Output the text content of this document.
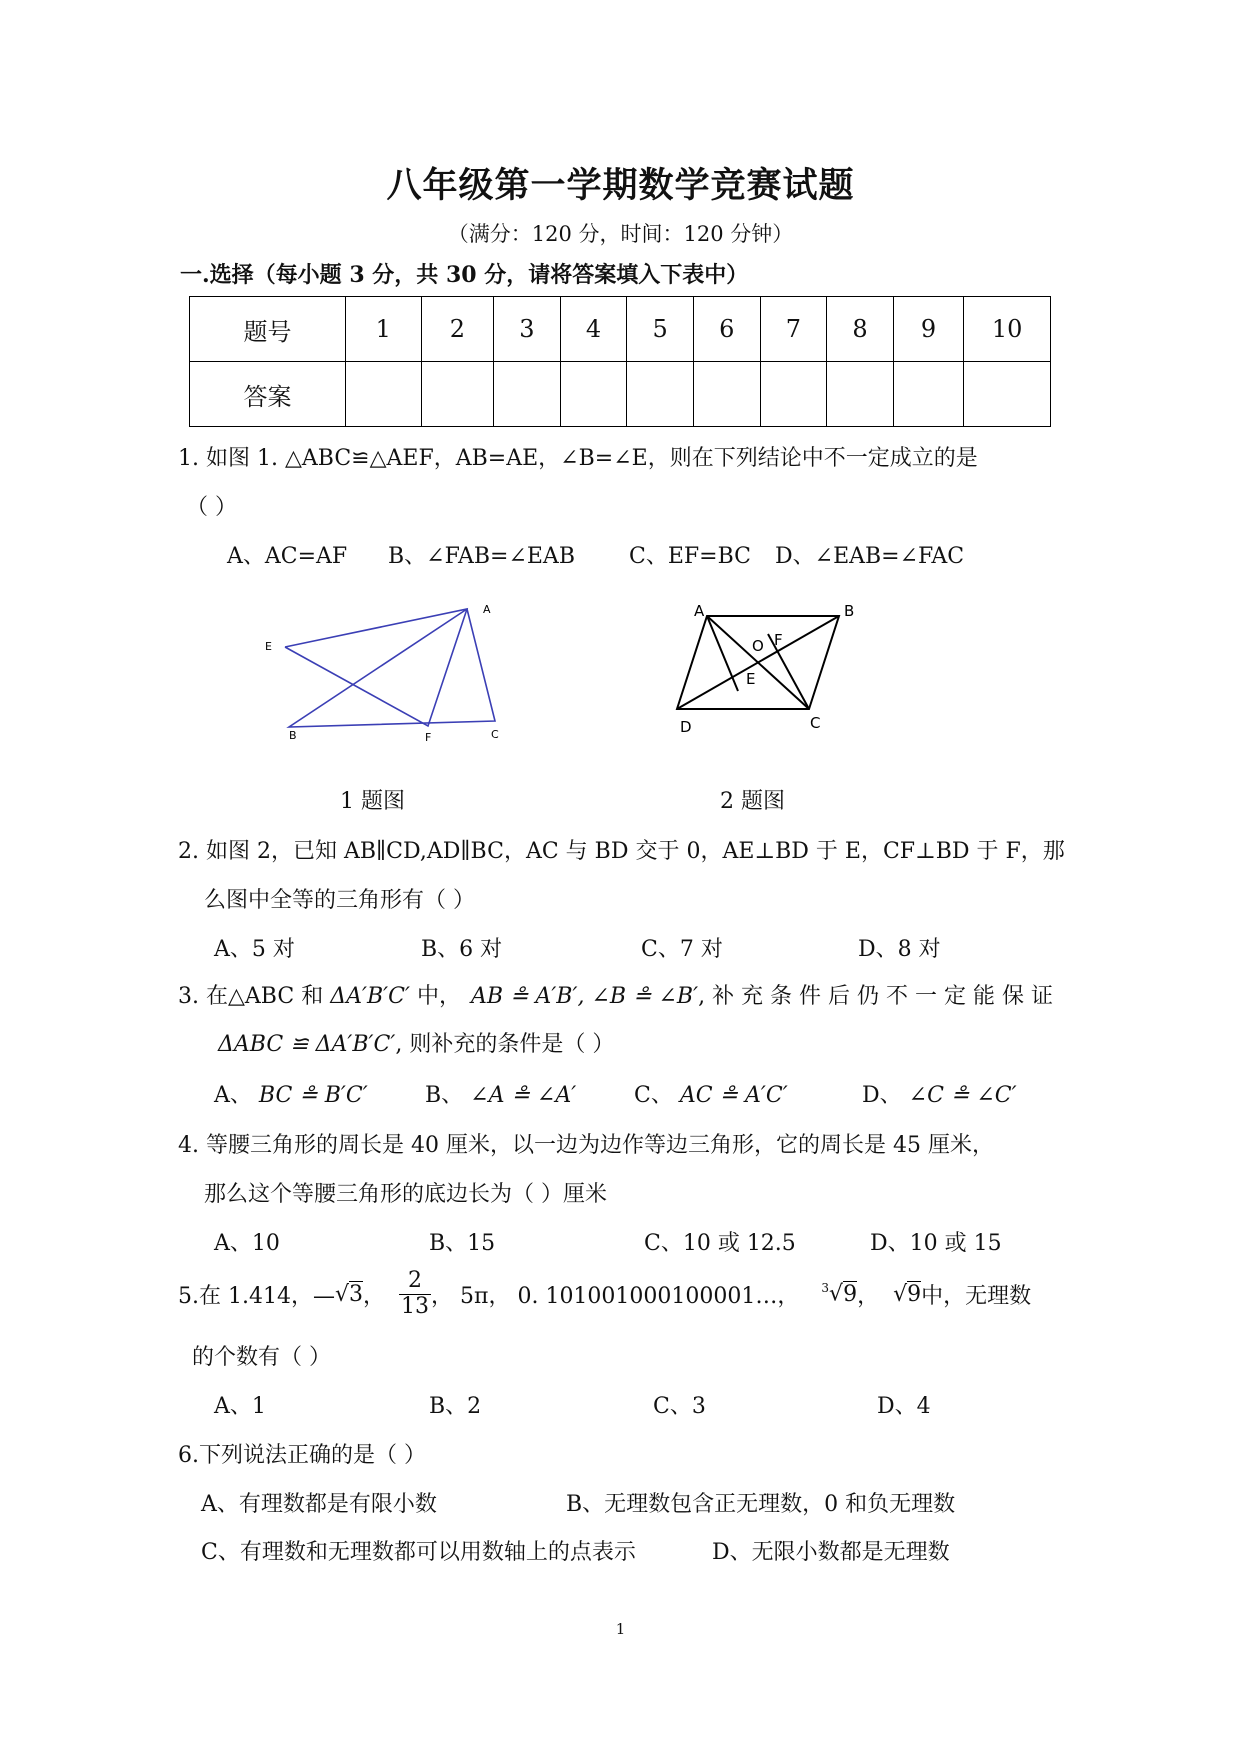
八年级第一学期数学竞赛试题
（满分：120 分，时间：120 分钟）
一.选择（每小题 3 分，共 30 分，请将答案填入下表中）
题号	1	2	3	4	5	6	7	8	9	10
答案										
1. 如图 1. △ABC≌△AEF，AB=AE，∠B=∠E，则在下列结论中不一定成立的是
（ ）
A、AC=AF B、∠FAB=∠EAB C、EF=BC D、∠EAB=∠FAC
A
E
B	F	C
A	B
O F
E
D	C
1 题图	2 题图
2. 如图 2，已知 AB∥CD,AD∥BC，AC 与 BD 交于 0，AE⊥BD 于 E，CF⊥BD 于 F，那
么图中全等的三角形有（ ）
A、5 对	B、6 对	C、7 对	D、8 对
3. 在△ABC 和 ΔA′B′C′ 中， AB ≗ A′B′, ∠B ≗ ∠B′, 补 充 条 件 后 仍 不 一 定 能 保 证
ΔABC ≌ ΔA′B′C′, 则补充的条件是（ ）
A、 BC ≗ B′C′	B、 ∠A ≗ ∠A′	C、 AC ≗ A′C′	D、 ∠C ≗ ∠C′
4. 等腰三角形的周长是 40 厘米，以一边为边作等边三角形，它的周长是 45 厘米，
那么这个等腰三角形的底边长为（ ）厘米
A、10	B、15	C、10 或 12.5	D、10 或 15
5.在 1.414，— √3 ， $\frac{2}{13}$ ， 5π， 0. 101001000100001…， $^3$√9 ， √9 中，无理数
的个数有（ ）
A、1	B、2	C、3	D、4
6.下列说法正确的是（ ）
A、有理数都是有限小数	B、无理数包含正无理数，0 和负无理数
C、有理数和无理数都可以用数轴上的点表示	D、无限小数都是无理数
1
